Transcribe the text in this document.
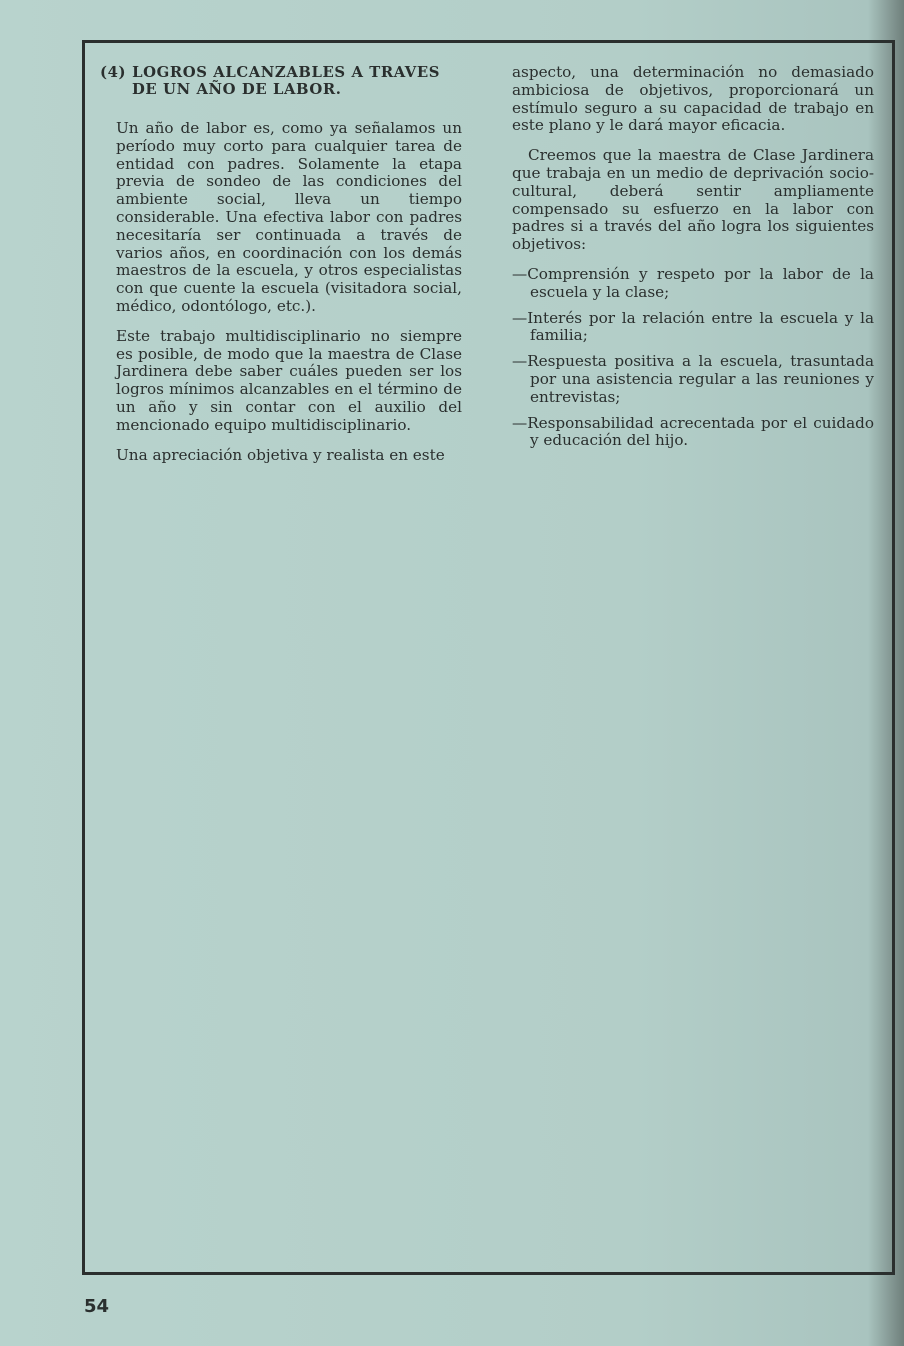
(4) LOGROS ALCANZABLES A TRAVES
DE UN AÑO DE LABOR.

Un año de labor es, como ya señalamos un período muy corto para cualquier tarea de entidad con padres. Solamente la etapa previa de sondeo de las condiciones del ambiente social, lleva un tiempo considerable. Una efectiva labor con padres necesitaría ser continuada a través de varios años, en coordinación con los demás maestros de la escuela, y otros especialistas con que cuente la escuela (visitadora social, médico, odontólogo, etc.).

Este trabajo multidisciplinario no siempre es posible, de modo que la maestra de Clase Jardinera debe saber cuáles pueden ser los logros mínimos alcanzables en el término de un año y sin contar con el auxilio del mencionado equipo multidisciplinario.

Una apreciación objetiva y realista en este

aspecto, una determinación no demasiado ambiciosa de objetivos, proporcionará un estímulo seguro a su capacidad de trabajo en este plano y le dará mayor eficacia.

Creemos que la maestra de Clase Jardinera que trabaja en un medio de deprivación socio-cultural, deberá sentir ampliamente compensado su esfuerzo en la labor con padres si a través del año logra los siguientes objetivos:

—Comprensión y respeto por la labor de la escuela y la clase;

—Interés por la relación entre la escuela y la familia;

—Respuesta positiva a la escuela, trasuntada por una asistencia regular a las reuniones y entrevistas;

—Responsabilidad acrecentada por el cuidado y educación del hijo.

54
